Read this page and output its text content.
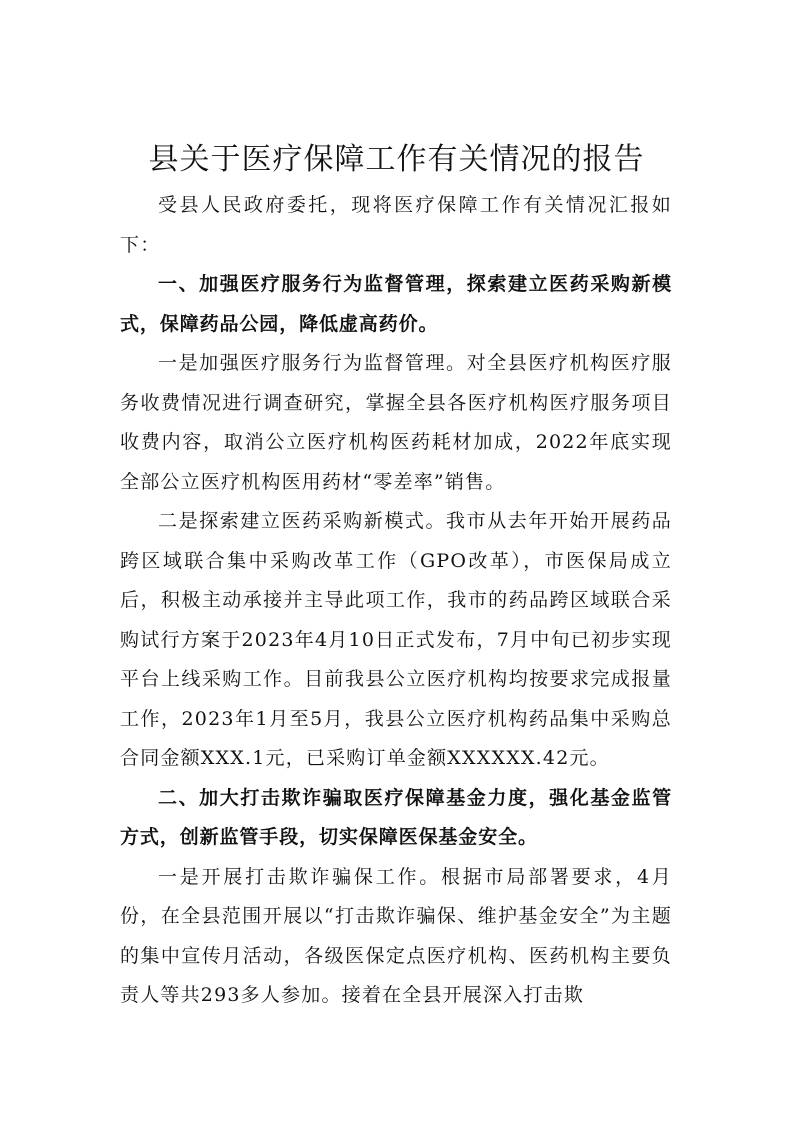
县关于医疗保障工作有关情况的报告

受县人民政府委托，现将医疗保障工作有关情况汇报如下：

一、加强医疗服务行为监督管理，探索建立医药采购新模式，保障药品公园，降低虚高药价。

一是加强医疗服务行为监督管理。对全县医疗机构医疗服务收费情况进行调查研究，掌握全县各医疗机构医疗服务项目收费内容，取消公立医疗机构医药耗材加成，2022年底实现全部公立医疗机构医用药材“零差率”销售。

二是探索建立医药采购新模式。我市从去年开始开展药品跨区域联合集中采购改革工作（GPO改革），市医保局成立后，积极主动承接并主导此项工作，我市的药品跨区域联合采购试行方案于2023年4月10日正式发布，7月中旬已初步实现平台上线采购工作。目前我县公立医疗机构均按要求完成报量工作，2023年1月至5月，我县公立医疗机构药品集中采购总合同金额XXX.1元，已采购订单金额XXXXXX.42元。

二、加大打击欺诈骗取医疗保障基金力度，强化基金监管方式，创新监管手段，切实保障医保基金安全。

一是开展打击欺诈骗保工作。根据市局部署要求，4月份，在全县范围开展以“打击欺诈骗保、维护基金安全”为主题的集中宣传月活动，各级医保定点医疗机构、医药机构主要负责人等共293多人参加。接着在全县开展深入打击欺
